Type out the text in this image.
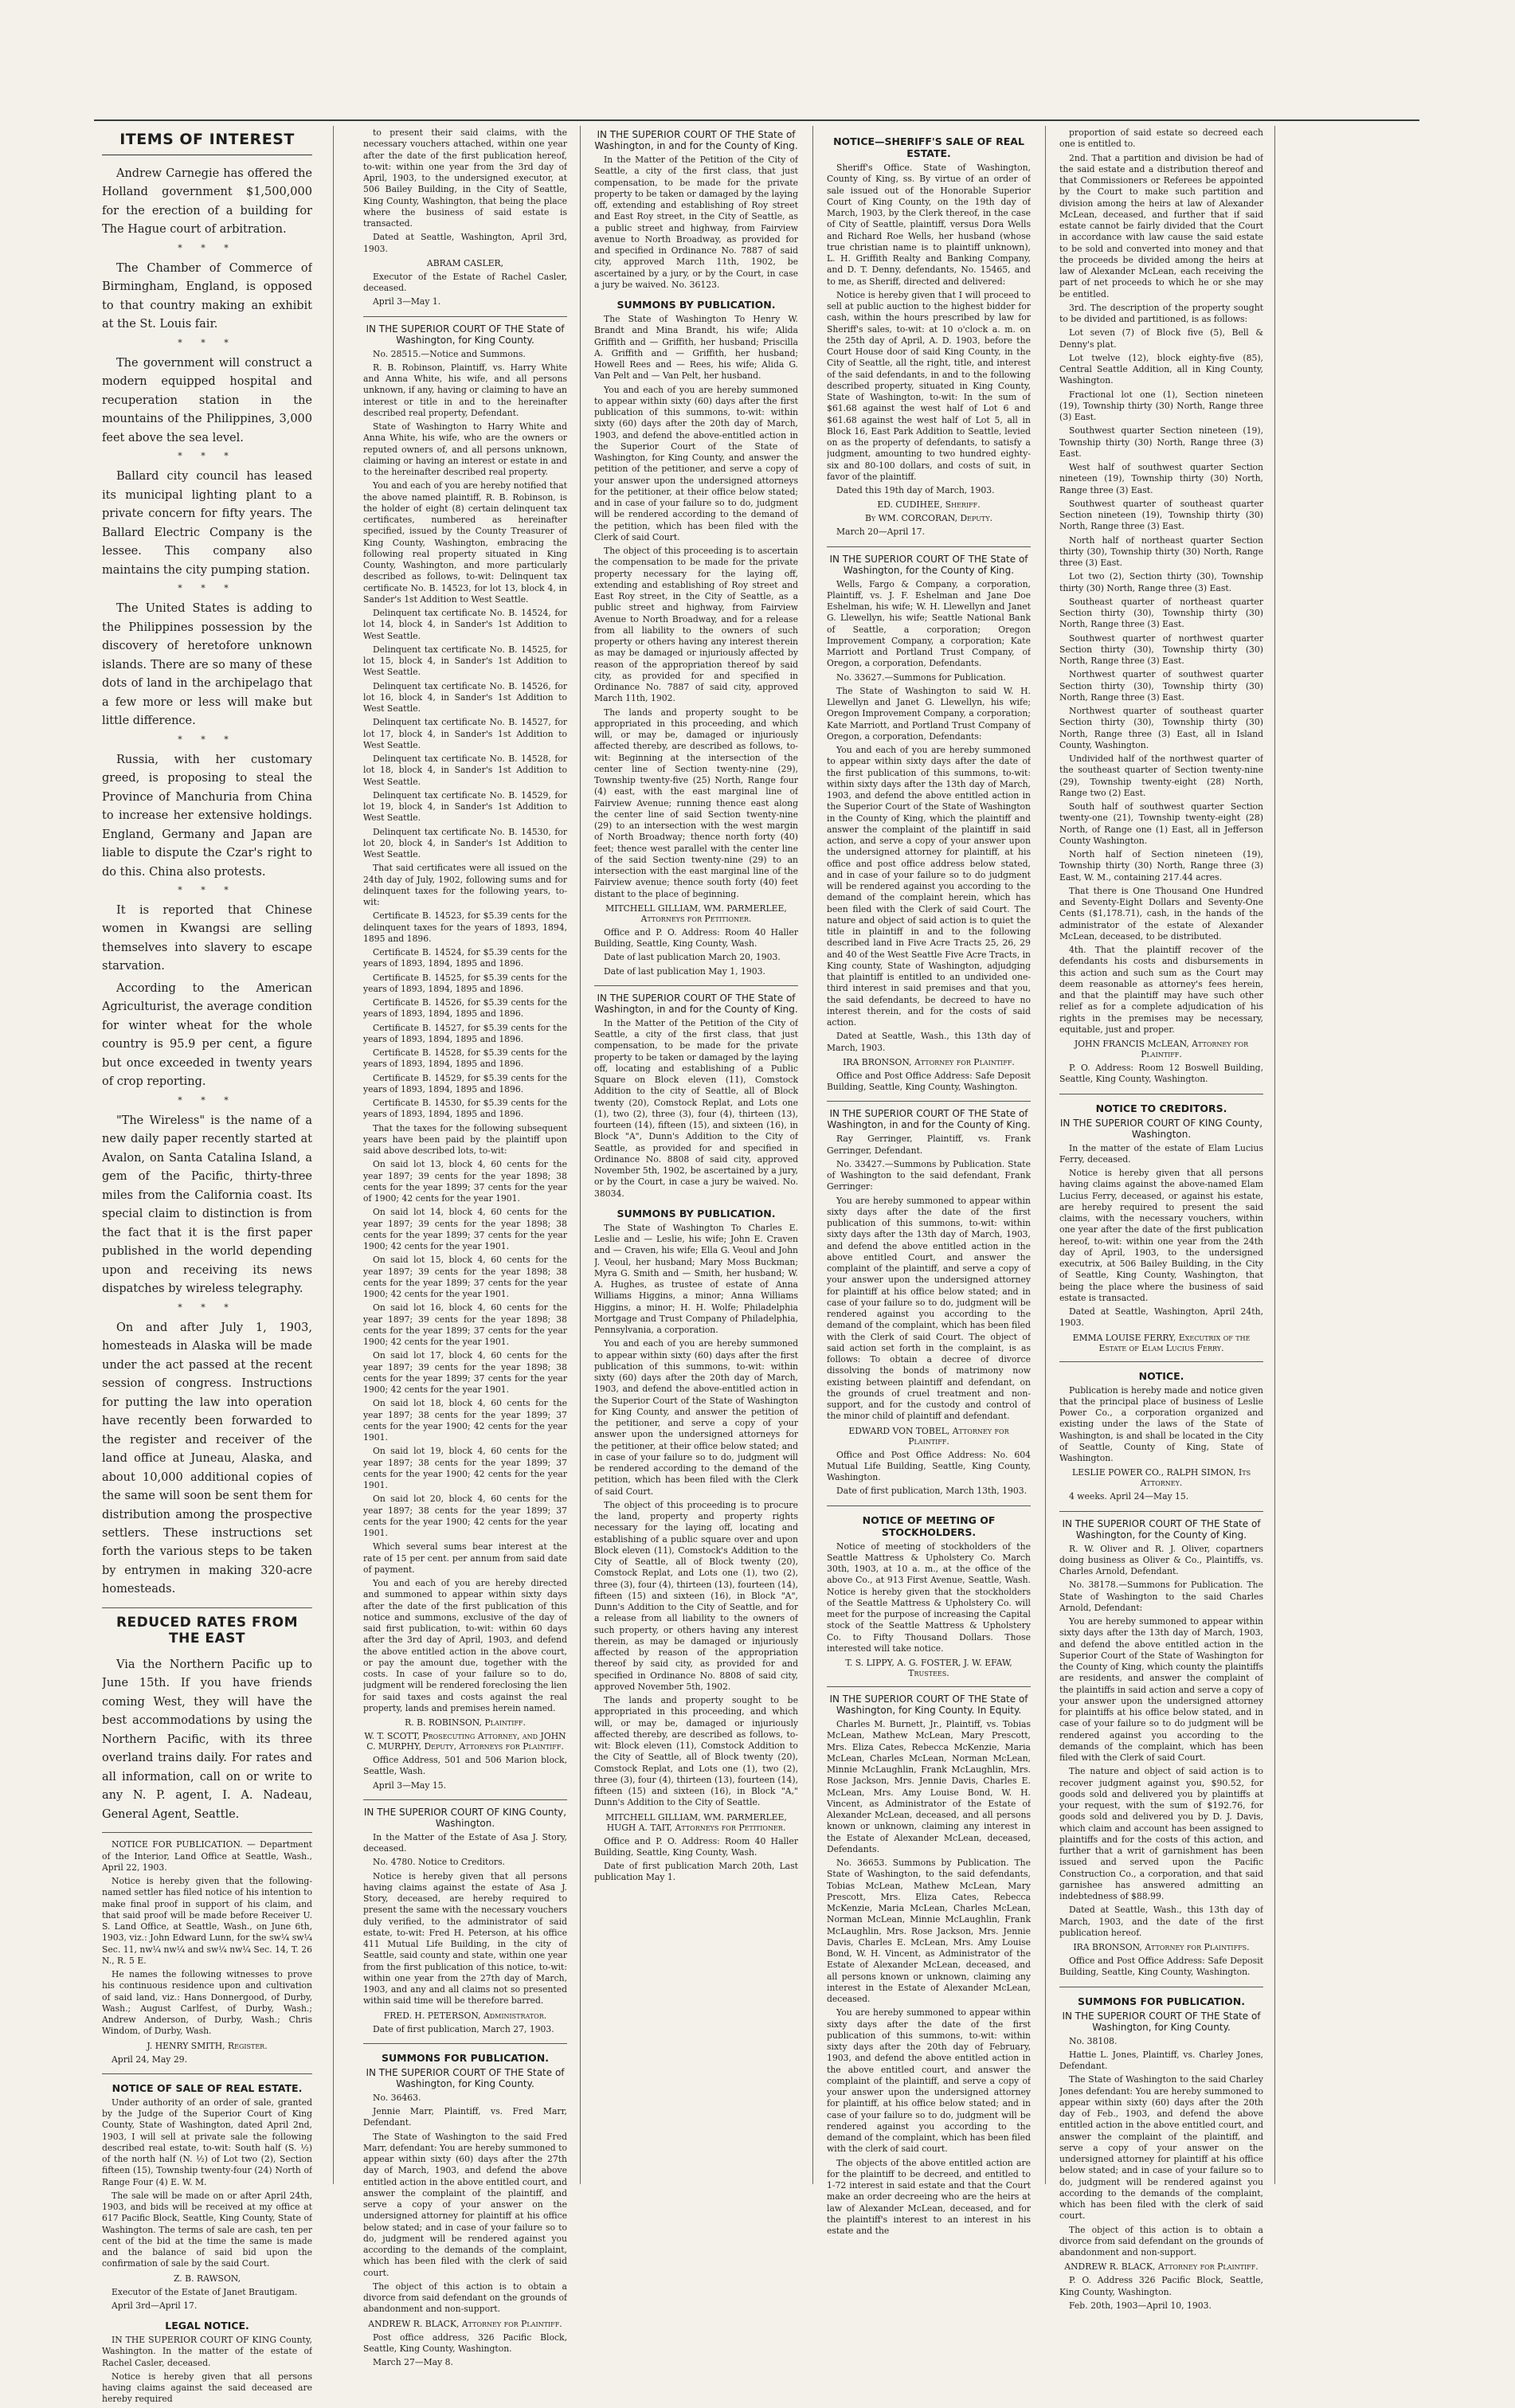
ITEMS OF INTEREST

Andrew Carnegie has offered the Holland government $1,500,000 for the erection of a building for The Hague court of arbitration.

* * *

The Chamber of Commerce of Birmingham, England, is opposed to that country making an exhibit at the St. Louis fair.

* * *

The government will construct a modern equipped hospital and recuperation station in the mountains of the Philippines, 3,000 feet above the sea level.

* * *

Ballard city council has leased its municipal lighting plant to a private concern for fifty years. The Ballard Electric Company is the lessee. This company also maintains the city pumping station.

* * *

The United States is adding to the Philippines possession by the discovery of heretofore unknown islands. There are so many of these dots of land in the archipelago that a few more or less will make but little difference.

* * *

Russia, with her customary greed, is proposing to steal the Province of Manchuria from China to increase her extensive holdings. England, Germany and Japan are liable to dispute the Czar's right to do this. China also protests.

* * *

It is reported that Chinese women in Kwangsi are selling themselves into slavery to escape starvation.

According to the American Agriculturist, the average condition for winter wheat for the whole country is 95.9 per cent, a figure but once exceeded in twenty years of crop reporting.

* * *

"The Wireless" is the name of a new daily paper recently started at Avalon, on Santa Catalina Island, a gem of the Pacific, thirty-three miles from the California coast. Its special claim to distinction is from the fact that it is the first paper published in the world depending upon and receiving its news dispatches by wireless telegraphy.

* * *

On and after July 1, 1903, homesteads in Alaska will be made under the act passed at the recent session of congress. Instructions for putting the law into operation have recently been forwarded to the register and receiver of the land office at Juneau, Alaska, and about 10,000 additional copies of the same will soon be sent them for distribution among the prospective settlers. These instructions set forth the various steps to be taken by entrymen in making 320-acre homesteads.

REDUCED RATES FROM THE EAST

Via the Northern Pacific up to June 15th. If you have friends coming West, they will have the best accommodations by using the Northern Pacific, with its three overland trains daily. For rates and all information, call on or write to any N. P. agent, I. A. Nadeau, General Agent, Seattle.

NOTICE FOR PUBLICATION. — Department of the Interior, Land Office at Seattle, Wash., April 22, 1903.

Notice is hereby given that the following-named settler has filed notice of his intention to make final proof in support of his claim, and that said proof will be made before Receiver U. S. Land Office, at Seattle, Wash., on June 6th, 1903, viz.: John Edward Lunn, for the sw¼ sw¼ Sec. 11, nw¼ nw¼ and sw¼ nw¼ Sec. 14, T. 26 N., R. 5 E.

He names the following witnesses to prove his continuous residence upon and cultivation of said land, viz.: Hans Donnergood, of Durby, Wash.; August Carlfest, of Durby, Wash.; Andrew Anderson, of Durby, Wash.; Chris Windom, of Durby, Wash.

J. HENRY SMITH, Register.

April 24, May 29.

NOTICE OF SALE OF REAL ESTATE.

Under authority of an order of sale, granted by the Judge of the Superior Court of King County, State of Washington, dated April 2nd, 1903, I will sell at private sale the following described real estate, to-wit: South half (S. ½) of the north half (N. ½) of Lot two (2), Section fifteen (15), Township twenty-four (24) North of Range Four (4) E. W. M.

The sale will be made on or after April 24th, 1903, and bids will be received at my office at 617 Pacific Block, Seattle, King County, State of Washington. The terms of sale are cash, ten per cent of the bid at the time the same is made and the balance of said bid upon the confirmation of sale by the said Court.

Z. B. RAWSON,

Executor of the Estate of Janet Brautigam.

April 3rd—April 17.

LEGAL NOTICE.

IN THE SUPERIOR COURT OF KING County, Washington. In the matter of the estate of Rachel Casler, deceased.

Notice is hereby given that all persons having claims against the said deceased are hereby required

to present their said claims, with the necessary vouchers attached, within one year after the date of the first publication hereof, to-wit: within one year from the 3rd day of April, 1903, to the undersigned executor, at 506 Bailey Building, in the City of Seattle, King County, Washington, that being the place where the business of said estate is transacted.

Dated at Seattle, Washington, April 3rd, 1903.

ABRAM CASLER,

Executor of the Estate of Rachel Casler, deceased.

April 3—May 1.

IN THE SUPERIOR COURT OF THE State of Washington, for King County.

No. 28515.—Notice and Summons.

R. B. Robinson, Plaintiff, vs. Harry White and Anna White, his wife, and all persons unknown, if any, having or claiming to have an interest or title in and to the hereinafter described real property, Defendant.

State of Washington to Harry White and Anna White, his wife, who are the owners or reputed owners of, and all persons unknown, claiming or having an interest or estate in and to the hereinafter described real property.

You and each of you are hereby notified that the above named plaintiff, R. B. Robinson, is the holder of eight (8) certain delinquent tax certificates, numbered as hereinafter specified, issued by the County Treasurer of King County, Washington, embracing the following real property situated in King County, Washington, and more particularly described as follows, to-wit: Delinquent tax certificate No. B. 14523, for lot 13, block 4, in Sander's 1st Addition to West Seattle.

Delinquent tax certificate No. B. 14524, for lot 14, block 4, in Sander's 1st Addition to West Seattle.

Delinquent tax certificate No. B. 14525, for lot 15, block 4, in Sander's 1st Addition to West Seattle.

Delinquent tax certificate No. B. 14526, for lot 16, block 4, in Sander's 1st Addition to West Seattle.

Delinquent tax certificate No. B. 14527, for lot 17, block 4, in Sander's 1st Addition to West Seattle.

Delinquent tax certificate No. B. 14528, for lot 18, block 4, in Sander's 1st Addition to West Seattle.

Delinquent tax certificate No. B. 14529, for lot 19, block 4, in Sander's 1st Addition to West Seattle.

Delinquent tax certificate No. B. 14530, for lot 20, block 4, in Sander's 1st Addition to West Seattle.

That said certificates were all issued on the 24th day of July, 1902, following sums and for delinquent taxes for the following years, to-wit:

Certificate B. 14523, for $5.39 cents for the delinquent taxes for the years of 1893, 1894, 1895 and 1896.

Certificate B. 14524, for $5.39 cents for the years of 1893, 1894, 1895 and 1896.

Certificate B. 14525, for $5.39 cents for the years of 1893, 1894, 1895 and 1896.

Certificate B. 14526, for $5.39 cents for the years of 1893, 1894, 1895 and 1896.

Certificate B. 14527, for $5.39 cents for the years of 1893, 1894, 1895 and 1896.

Certificate B. 14528, for $5.39 cents for the years of 1893, 1894, 1895 and 1896.

Certificate B. 14529, for $5.39 cents for the years of 1893, 1894, 1895 and 1896.

Certificate B. 14530, for $5.39 cents for the years of 1893, 1894, 1895 and 1896.

That the taxes for the following subsequent years have been paid by the plaintiff upon said above described lots, to-wit:

On said lot 13, block 4, 60 cents for the year 1897; 39 cents for the year 1898; 38 cents for the year 1899; 37 cents for the year of 1900; 42 cents for the year 1901.

On said lot 14, block 4, 60 cents for the year 1897; 39 cents for the year 1898; 38 cents for the year 1899; 37 cents for the year 1900; 42 cents for the year 1901.

On said lot 15, block 4, 60 cents for the year 1897; 39 cents for the year 1898; 38 cents for the year 1899; 37 cents for the year 1900; 42 cents for the year 1901.

On said lot 16, block 4, 60 cents for the year 1897; 39 cents for the year 1898; 38 cents for the year 1899; 37 cents for the year 1900; 42 cents for the year 1901.

On said lot 17, block 4, 60 cents for the year 1897; 39 cents for the year 1898; 38 cents for the year 1899; 37 cents for the year 1900; 42 cents for the year 1901.

On said lot 18, block 4, 60 cents for the year 1897; 38 cents for the year 1899; 37 cents for the year 1900; 42 cents for the year 1901.

On said lot 19, block 4, 60 cents for the year 1897; 38 cents for the year 1899; 37 cents for the year 1900; 42 cents for the year 1901.

On said lot 20, block 4, 60 cents for the year 1897; 38 cents for the year 1899; 37 cents for the year 1900; 42 cents for the year 1901.

Which several sums bear interest at the rate of 15 per cent. per annum from said date of payment.

You and each of you are hereby directed and summoned to appear within sixty days after the date of the first publication of this notice and summons, exclusive of the day of said first publication, to-wit: within 60 days after the 3rd day of April, 1903, and defend the above entitled action in the above court, or pay the amount due, together with the costs. In case of your failure so to do, judgment will be rendered foreclosing the lien for said taxes and costs against the real property, lands and premises herein named.

R. B. ROBINSON, Plaintiff.
W. T. SCOTT, Prosecuting Attorney, and JOHN C. MURPHY, Deputy, Attorneys for Plaintiff.

Office Address, 501 and 506 Marion block, Seattle, Wash.

April 3—May 15.

IN THE SUPERIOR COURT OF KING County, Washington.

In the Matter of the Estate of Asa J. Story, deceased.

No. 4780. Notice to Creditors.

Notice is hereby given that all persons having claims against the estate of Asa J. Story, deceased, are hereby required to present the same with the necessary vouchers duly verified, to the administrator of said estate, to-wit: Fred H. Peterson, at his office 411 Mutual Life Building, in the city of Seattle, said county and state, within one year from the first publication of this notice, to-wit: within one year from the 27th day of March, 1903, and any and all claims not so presented within said time will be therefore barred.

FRED. H. PETERSON, Administrator.

Date of first publication, March 27, 1903.

SUMMONS FOR PUBLICATION.
IN THE SUPERIOR COURT OF THE State of Washington, for King County.

No. 36463.

Jennie Marr, Plaintiff, vs. Fred Marr, Defendant.

The State of Washington to the said Fred Marr, defendant: You are hereby summoned to appear within sixty (60) days after the 27th day of March, 1903, and defend the above entitled action in the above entitled court, and answer the complaint of the plaintiff, and serve a copy of your answer on the undersigned attorney for plaintiff at his office below stated; and in case of your failure so to do, judgment will be rendered against you according to the demands of the complaint, which has been filed with the clerk of said court.

The object of this action is to obtain a divorce from said defendant on the grounds of abandonment and non-support.

ANDREW R. BLACK, Attorney for Plaintiff.

Post office address, 326 Pacific Block, Seattle, King County, Washington.

March 27—May 8.

IN THE SUPERIOR COURT OF THE State of Washington, in and for the County of King.

In the Matter of the Petition of the City of Seattle, a city of the first class, that just compensation, to be made for the private property to be taken or damaged by the laying off, extending and establishing of Roy street and East Roy street, in the City of Seattle, as a public street and highway, from Fairview avenue to North Broadway, as provided for and specified in Ordinance No. 7887 of said city, approved March 11th, 1902, be ascertained by a jury, or by the Court, in case a jury be waived. No. 36123.

SUMMONS BY PUBLICATION.

The State of Washington To Henry W. Brandt and Mina Brandt, his wife; Alida Griffith and — Griffith, her husband; Priscilla A. Griffith and — Griffith, her husband; Howell Rees and — Rees, his wife; Alida G. Van Pelt and — Van Pelt, her husband.

You and each of you are hereby summoned to appear within sixty (60) days after the first publication of this summons, to-wit: within sixty (60) days after the 20th day of March, 1903, and defend the above-entitled action in the Superior Court of the State of Washington, for King County, and answer the petition of the petitioner, and serve a copy of your answer upon the undersigned attorneys for the petitioner, at their office below stated; and in case of your failure so to do, judgment will be rendered according to the demand of the petition, which has been filed with the Clerk of said Court.

The object of this proceeding is to ascertain the compensation to be made for the private property necessary for the laying off, extending and establishing of Roy street and East Roy street, in the City of Seattle, as a public street and highway, from Fairview Avenue to North Broadway, and for a release from all liability to the owners of such property or others having any interest therein as may be damaged or injuriously affected by reason of the appropriation thereof by said city, as provided for and specified in Ordinance No. 7887 of said city, approved March 11th, 1902.

The lands and property sought to be appropriated in this proceeding, and which will, or may be, damaged or injuriously affected thereby, are described as follows, to-wit: Beginning at the intersection of the center line of Section twenty-nine (29), Township twenty-five (25) North, Range four (4) east, with the east marginal line of Fairview Avenue; running thence east along the center line of said Section twenty-nine (29) to an intersection with the west margin of North Broadway; thence north forty (40) feet; thence west parallel with the center line of the said Section twenty-nine (29) to an intersection with the east marginal line of the Fairview avenue; thence south forty (40) feet distant to the place of beginning.

MITCHELL GILLIAM, WM. PARMERLEE, Attorneys for Petitioner.

Office and P. O. Address: Room 40 Haller Building, Seattle, King County, Wash.

Date of last publication March 20, 1903.

Date of last publication May 1, 1903.

IN THE SUPERIOR COURT OF THE State of Washington, in and for the County of King.

In the Matter of the Petition of the City of Seattle, a city of the first class, that just compensation, to be made for the private property to be taken or damaged by the laying off, locating and establishing of a Public Square on Block eleven (11), Comstock Addition to the city of Seattle, all of Block twenty (20), Comstock Replat, and Lots one (1), two (2), three (3), four (4), thirteen (13), fourteen (14), fifteen (15), and sixteen (16), in Block "A", Dunn's Addition to the City of Seattle, as provided for and specified in Ordinance No. 8808 of said city, approved November 5th, 1902, be ascertained by a jury, or by the Court, in case a jury be waived. No. 38034.

SUMMONS BY PUBLICATION.

The State of Washington To Charles E. Leslie and — Leslie, his wife; John E. Craven and — Craven, his wife; Ella G. Veoul and John J. Veoul, her husband; Mary Moss Buckman; Myra G. Smith and — Smith, her husband; W. A. Hughes, as trustee of estate of Anna Williams Higgins, a minor; Anna Williams Higgins, a minor; H. H. Wolfe; Philadelphia Mortgage and Trust Company of Philadelphia, Pennsylvania, a corporation.

You and each of you are hereby summoned to appear within sixty (60) days after the first publication of this summons, to-wit: within sixty (60) days after the 20th day of March, 1903, and defend the above-entitled action in the Superior Court of the State of Washington for King County, and answer the petition of the petitioner, and serve a copy of your answer upon the undersigned attorneys for the petitioner, at their office below stated; and in case of your failure so to do, judgment will be rendered according to the demand of the petition, which has been filed with the Clerk of said Court.

The object of this proceeding is to procure the land, property and property rights necessary for the laying off, locating and establishing of a public square over and upon Block eleven (11), Comstock's Addition to the City of Seattle, all of Block twenty (20), Comstock Replat, and Lots one (1), two (2), three (3), four (4), thirteen (13), fourteen (14), fifteen (15) and sixteen (16), in Block "A", Dunn's Addition to the City of Seattle, and for a release from all liability to the owners of such property, or others having any interest therein, as may be damaged or injuriously affected by reason of the appropriation thereof by said city, as provided for and specified in Ordinance No. 8808 of said city, approved November 5th, 1902.

The lands and property sought to be appropriated in this proceeding, and which will, or may be, damaged or injuriously affected thereby, are described as follows, to-wit: Block eleven (11), Comstock Addition to the City of Seattle, all of Block twenty (20), Comstock Replat, and Lots one (1), two (2), three (3), four (4), thirteen (13), fourteen (14), fifteen (15) and sixteen (16), in Block "A," Dunn's Addition to the City of Seattle.

MITCHELL GILLIAM, WM. PARMERLEE, HUGH A. TAIT, Attorneys for Petitioner.

Office and P. O. Address: Room 40 Haller Building, Seattle, King County, Wash.

Date of first publication March 20th, Last publication May 1.

NOTICE—SHERIFF'S SALE OF REAL ESTATE.

Sheriff's Office. State of Washington, County of King, ss. By virtue of an order of sale issued out of the Honorable Superior Court of King County, on the 19th day of March, 1903, by the Clerk thereof, in the case of City of Seattle, plaintiff, versus Dora Wells and Richard Roe Wells, her husband (whose true christian name is to plaintiff unknown), L. H. Griffith Realty and Banking Company, and D. T. Denny, defendants, No. 15465, and to me, as Sheriff, directed and delivered:

Notice is hereby given that I will proceed to sell at public auction to the highest bidder for cash, within the hours prescribed by law for Sheriff's sales, to-wit: at 10 o'clock a. m. on the 25th day of April, A. D. 1903, before the Court House door of said King County, in the City of Seattle, all the right, title, and interest of the said defendants, in and to the following described property, situated in King County, State of Washington, to-wit: In the sum of $61.68 against the west half of Lot 6 and $61.68 against the west half of Lot 5, all in Block 16, East Park Addition to Seattle, levied on as the property of defendants, to satisfy a judgment, amounting to two hundred eighty-six and 80-100 dollars, and costs of suit, in favor of the plaintiff.

Dated this 19th day of March, 1903.

ED. CUDIHEE, Sheriff.
By WM. CORCORAN, Deputy.

March 20—April 17.

IN THE SUPERIOR COURT OF THE State of Washington, for the County of King.

Wells, Fargo & Company, a corporation, Plaintiff, vs. J. F. Eshelman and Jane Doe Eshelman, his wife; W. H. Llewellyn and Janet G. Llewellyn, his wife; Seattle National Bank of Seattle, a corporation; Oregon Improvement Company, a corporation; Kate Marriott and Portland Trust Company, of Oregon, a corporation, Defendants.

No. 33627.—Summons for Publication.

The State of Washington to said W. H. Llewellyn and Janet G. Llewellyn, his wife; Oregon Improvement Company, a corporation; Kate Marriott, and Portland Trust Company of Oregon, a corporation, Defendants:

You and each of you are hereby summoned to appear within sixty days after the date of the first publication of this summons, to-wit: within sixty days after the 13th day of March, 1903, and defend the above entitled action in the Superior Court of the State of Washington in the County of King, which the plaintiff and answer the complaint of the plaintiff in said action, and serve a copy of your answer upon the undersigned attorney for plaintiff, at his office and post office address below stated, and in case of your failure so to do judgment will be rendered against you according to the demand of the complaint herein, which has been filed with the Clerk of said Court. The nature and object of said action is to quiet the title in plaintiff in and to the following described land in Five Acre Tracts 25, 26, 29 and 40 of the West Seattle Five Acre Tracts, in King county, State of Washington, adjudging that plaintiff is entitled to an undivided one-third interest in said premises and that you, the said defendants, be decreed to have no interest therein, and for the costs of said action.

Dated at Seattle, Wash., this 13th day of March, 1903.

IRA BRONSON, Attorney for Plaintiff.

Office and Post Office Address: Safe Deposit Building, Seattle, King County, Washington.

IN THE SUPERIOR COURT OF THE State of Washington, in and for the County of King.

Ray Gerringer, Plaintiff, vs. Frank Gerringer, Defendant.

No. 33427.—Summons by Publication. State of Washington to the said defendant, Frank Gerringer:

You are hereby summoned to appear within sixty days after the date of the first publication of this summons, to-wit: within sixty days after the 13th day of March, 1903, and defend the above entitled action in the above entitled Court, and answer the complaint of the plaintiff, and serve a copy of your answer upon the undersigned attorney for plaintiff at his office below stated; and in case of your failure so to do, judgment will be rendered against you according to the demand of the complaint, which has been filed with the Clerk of said Court. The object of said action set forth in the complaint, is as follows: To obtain a decree of divorce dissolving the bonds of matrimony now existing between plaintiff and defendant, on the grounds of cruel treatment and non-support, and for the custody and control of the minor child of plaintiff and defendant.

EDWARD VON TOBEL, Attorney for Plaintiff.

Office and Post Office Address: No. 604 Mutual Life Building, Seattle, King County, Washington.

Date of first publication, March 13th, 1903.

NOTICE OF MEETING OF STOCKHOLDERS.

Notice of meeting of stockholders of the Seattle Mattress & Upholstery Co. March 30th, 1903, at 10 a. m., at the office of the above Co., at 913 First Avenue, Seattle, Wash. Notice is hereby given that the stockholders of the Seattle Mattress & Upholstery Co. will meet for the purpose of increasing the Capital stock of the Seattle Mattress & Upholstery Co. to Fifty Thousand Dollars. Those interested will take notice.

T. S. LIPPY, A. G. FOSTER, J. W. EFAW, Trustees.
IN THE SUPERIOR COURT OF THE State of Washington, for King County. In Equity.

Charles M. Burnett, Jr., Plaintiff, vs. Tobias McLean, Mathew McLean, Mary Prescott, Mrs. Eliza Cates, Rebecca McKenzie, Maria McLean, Charles McLean, Norman McLean, Minnie McLaughlin, Frank McLaughlin, Mrs. Rose Jackson, Mrs. Jennie Davis, Charles E. McLean, Mrs. Amy Louise Bond, W. H. Vincent, as Administrator of the Estate of Alexander McLean, deceased, and all persons known or unknown, claiming any interest in the Estate of Alexander McLean, deceased, Defendants.

No. 36653. Summons by Publication. The State of Washington, to the said defendants, Tobias McLean, Mathew McLean, Mary Prescott, Mrs. Eliza Cates, Rebecca McKenzie, Maria McLean, Charles McLean, Norman McLean, Minnie McLaughlin, Frank McLaughlin, Mrs. Rose Jackson, Mrs. Jennie Davis, Charles E. McLean, Mrs. Amy Louise Bond, W. H. Vincent, as Administrator of the Estate of Alexander McLean, deceased, and all persons known or unknown, claiming any interest in the Estate of Alexander McLean, deceased.

You are hereby summoned to appear within sixty days after the date of the first publication of this summons, to-wit: within sixty days after the 20th day of February, 1903, and defend the above entitled action in the above entitled court, and answer the complaint of the plaintiff, and serve a copy of your answer upon the undersigned attorney for plaintiff, at his office below stated; and in case of your failure so to do, judgment will be rendered against you according to the demand of the complaint, which has been filed with the clerk of said court.

The objects of the above entitled action are for the plaintiff to be decreed, and entitled to 1-72 interest in said estate and that the Court make an order decreeing who are the heirs at law of Alexander McLean, deceased, and for the plaintiff's interest to an interest in his estate and the

proportion of said estate so decreed each one is entitled to.

2nd. That a partition and division be had of the said estate and a distribution thereof and that Commissioners or Referees be appointed by the Court to make such partition and division among the heirs at law of Alexander McLean, deceased, and further that if said estate cannot be fairly divided that the Court in accordance with law cause the said estate to be sold and converted into money and that the proceeds be divided among the heirs at law of Alexander McLean, each receiving the part of net proceeds to which he or she may be entitled.

3rd. The description of the property sought to be divided and partitioned, is as follows:

Lot seven (7) of Block five (5), Bell & Denny's plat.

Lot twelve (12), block eighty-five (85), Central Seattle Addition, all in King County, Washington.

Fractional lot one (1), Section nineteen (19), Township thirty (30) North, Range three (3) East.

Southwest quarter Section nineteen (19), Township thirty (30) North, Range three (3) East.

West half of southwest quarter Section nineteen (19), Township thirty (30) North, Range three (3) East.

Southwest quarter of southeast quarter Section nineteen (19), Township thirty (30) North, Range three (3) East.

North half of northeast quarter Section thirty (30), Township thirty (30) North, Range three (3) East.

Lot two (2), Section thirty (30), Township thirty (30) North, Range three (3) East.

Southeast quarter of northeast quarter Section thirty (30), Township thirty (30) North, Range three (3) East.

Southwest quarter of northwest quarter Section thirty (30), Township thirty (30) North, Range three (3) East.

Northwest quarter of southwest quarter Section thirty (30), Township thirty (30) North, Range three (3) East.

Northwest quarter of southeast quarter Section thirty (30), Township thirty (30) North, Range three (3) East, all in Island County, Washington.

Undivided half of the northwest quarter of the southeast quarter of Section twenty-nine (29), Township twenty-eight (28) North, Range two (2) East.

South half of southwest quarter Section twenty-one (21), Township twenty-eight (28) North, of Range one (1) East, all in Jefferson County Washington.

North half of Section nineteen (19), Township thirty (30) North, Range three (3) East, W. M., containing 217.44 acres.

That there is One Thousand One Hundred and Seventy-Eight Dollars and Seventy-One Cents ($1,178.71), cash, in the hands of the administrator of the estate of Alexander McLean, deceased, to be distributed.

4th. That the plaintiff recover of the defendants his costs and disbursements in this action and such sum as the Court may deem reasonable as attorney's fees herein, and that the plaintiff may have such other relief as for a complete adjudication of his rights in the premises may be necessary, equitable, just and proper.

JOHN FRANCIS McLEAN, Attorney for Plaintiff.

P. O. Address: Room 12 Boswell Building, Seattle, King County, Washington.

NOTICE TO CREDITORS.
IN THE SUPERIOR COURT OF KING County, Washington.

In the matter of the estate of Elam Lucius Ferry, deceased.

Notice is hereby given that all persons having claims against the above-named Elam Lucius Ferry, deceased, or against his estate, are hereby required to present the said claims, with the necessary vouchers, within one year after the date of the first publication hereof, to-wit: within one year from the 24th day of April, 1903, to the undersigned executrix, at 506 Bailey Building, in the City of Seattle, King County, Washington, that being the place where the business of said estate is transacted.

Dated at Seattle, Washington, April 24th, 1903.

EMMA LOUISE FERRY, Executrix of the Estate of Elam Lucius Ferry.
NOTICE.

Publication is hereby made and notice given that the principal place of business of Leslie Power Co., a corporation organized and existing under the laws of the State of Washington, is and shall be located in the City of Seattle, County of King, State of Washington.

LESLIE POWER CO., RALPH SIMON, Its Attorney.

4 weeks. April 24—May 15.

IN THE SUPERIOR COURT OF THE State of Washington, for the County of King.

R. W. Oliver and R. J. Oliver, copartners doing business as Oliver & Co., Plaintiffs, vs. Charles Arnold, Defendant.

No. 38178.—Summons for Publication. The State of Washington to the said Charles Arnold, Defendant:

You are hereby summoned to appear within sixty days after the 13th day of March, 1903, and defend the above entitled action in the Superior Court of the State of Washington for the County of King, which county the plaintiffs are residents, and answer the complaint of the plaintiffs in said action and serve a copy of your answer upon the undersigned attorney for plaintiffs at his office below stated, and in case of your failure so to do judgment will be rendered against you according to the demands of the complaint, which has been filed with the Clerk of said Court.

The nature and object of said action is to recover judgment against you, $90.52, for goods sold and delivered you by plaintiffs at your request, with the sum of $192.76, for goods sold and delivered you by D. J. Davis, which claim and account has been assigned to plaintiffs and for the costs of this action, and further that a writ of garnishment has been issued and served upon the Pacific Construction Co., a corporation, and that said garnishee has answered admitting an indebtedness of $88.99.

Dated at Seattle, Wash., this 13th day of March, 1903, and the date of the first publication hereof.

IRA BRONSON, Attorney for Plaintiffs.

Office and Post Office Address: Safe Deposit Building, Seattle, King County, Washington.

SUMMONS FOR PUBLICATION.
IN THE SUPERIOR COURT OF THE State of Washington, for King County.

No. 38108.

Hattie L. Jones, Plaintiff, vs. Charley Jones, Defendant.

The State of Washington to the said Charley Jones defendant: You are hereby summoned to appear within sixty (60) days after the 20th day of Feb., 1903, and defend the above entitled action in the above entitled court, and answer the complaint of the plaintiff, and serve a copy of your answer on the undersigned attorney for plaintiff at his office below stated; and in case of your failure so to do, judgment will be rendered against you according to the demands of the complaint, which has been filed with the clerk of said court.

The object of this action is to obtain a divorce from said defendant on the grounds of abandonment and non-support.

ANDREW R. BLACK, Attorney for Plaintiff.

P. O. Address 326 Pacific Block, Seattle, King County, Washington.

Feb. 20th, 1903—April 10, 1903.
